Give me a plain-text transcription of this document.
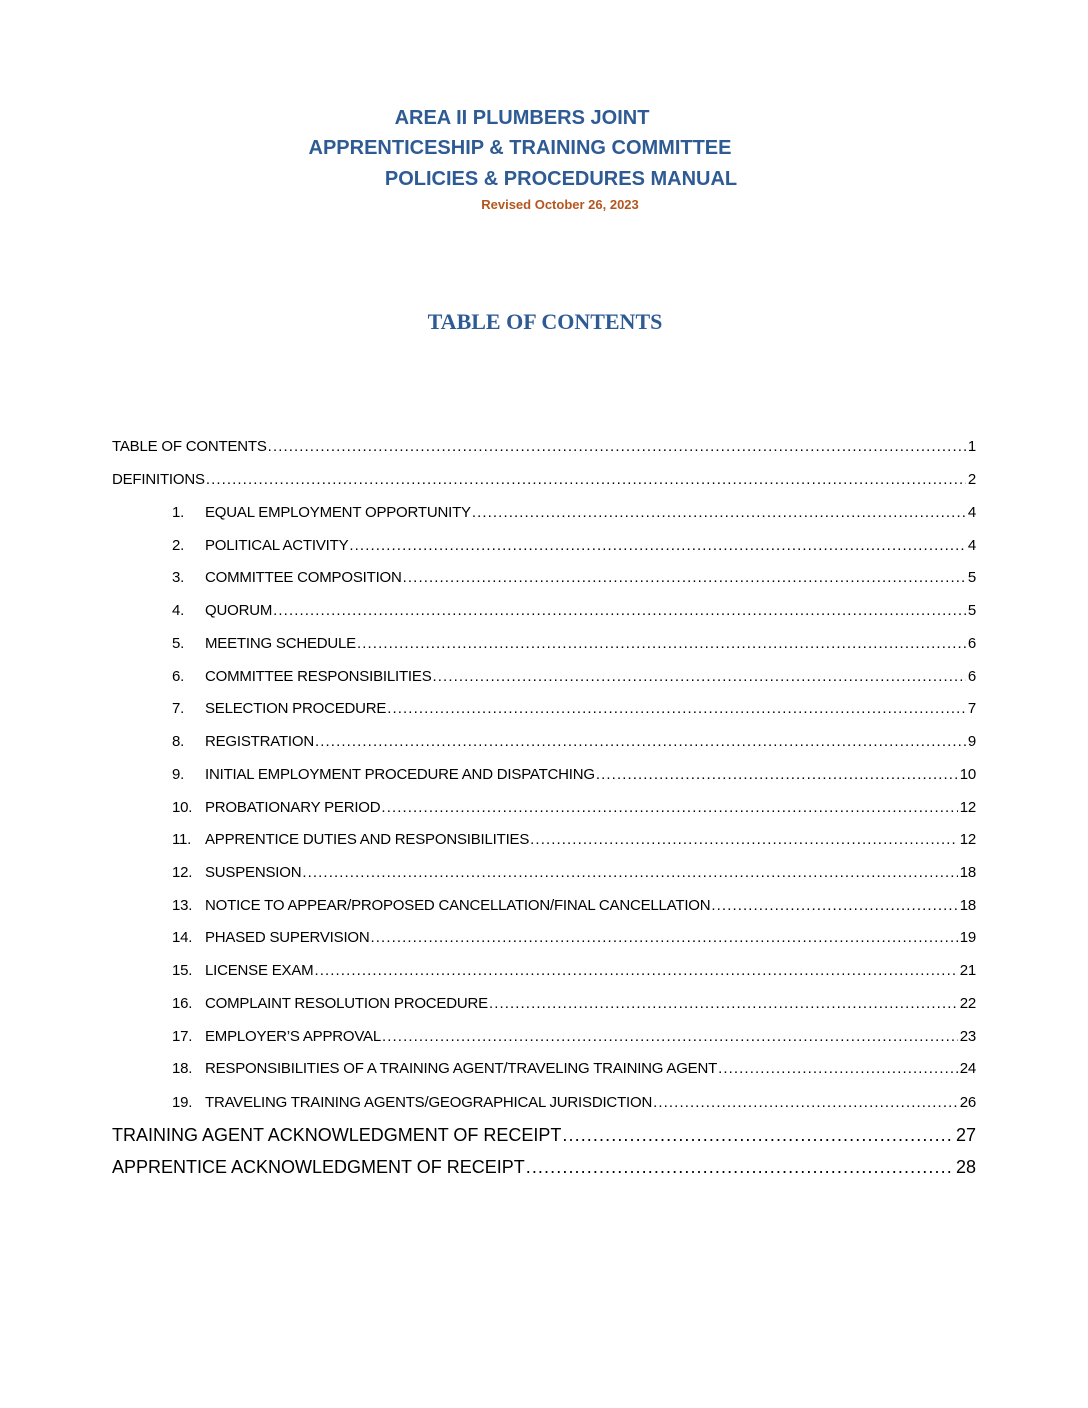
AREA II PLUMBERS JOINT
APPRENTICESHIP & TRAINING COMMITTEE
POLICIES & PROCEDURES MANUAL
Revised October 26, 2023
TABLE OF CONTENTS
TABLE OF CONTENTS .....	1
DEFINITIONS .....	2
1.	EQUAL EMPLOYMENT OPPORTUNITY .....	4
2.	POLITICAL ACTIVITY .....	4
3.	COMMITTEE COMPOSITION .....	5
4.	QUORUM .....	5
5.	MEETING SCHEDULE .....	6
6.	COMMITTEE RESPONSIBILITIES .....	6
7.	SELECTION PROCEDURE .....	7
8.	REGISTRATION .....	9
9.	INITIAL EMPLOYMENT PROCEDURE AND DISPATCHING .....	10
10. PROBATIONARY PERIOD .....	12
11. APPRENTICE DUTIES AND RESPONSIBILITIES .....	12
12. SUSPENSION .....	18
13. NOTICE TO APPEAR/PROPOSED CANCELLATION/FINAL CANCELLATION .....	18
14. PHASED SUPERVISION .....	19
15. LICENSE EXAM .....	21
16. COMPLAINT RESOLUTION PROCEDURE .....	22
17. EMPLOYER’S APPROVAL .....	23
18. RESPONSIBILITIES OF A TRAINING AGENT/TRAVELING TRAINING AGENT .....	24
19. TRAVELING TRAINING AGENTS/GEOGRAPHICAL JURISDICTION .....	26
TRAINING AGENT ACKNOWLEDGMENT OF RECEIPT .....	27
APPRENTICE ACKNOWLEDGMENT OF RECEIPT .....	28
